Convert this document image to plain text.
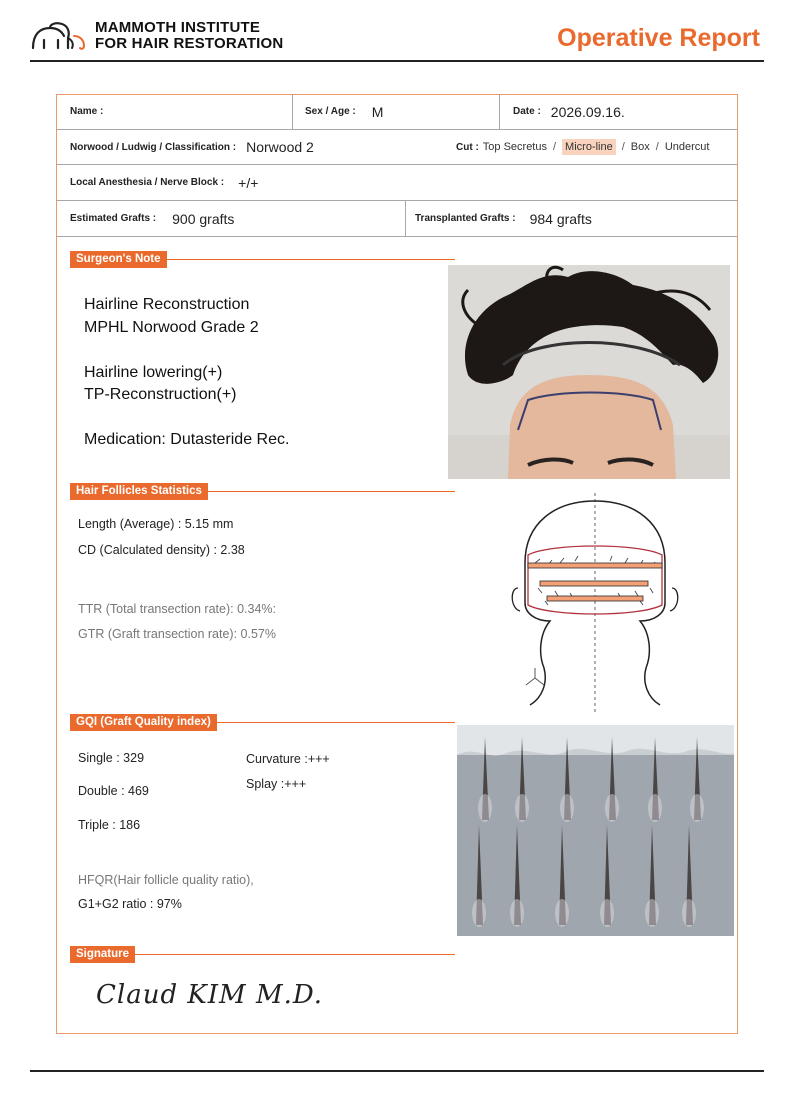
MAMMOTH INSTITUTE
FOR HAIR RESTORATION	Operative Report
Name :	Sex / Age : M	Date : 2026.09.16.
Norwood / Ludwig / Classification : Norwood 2	Cut : Top Secretus / Micro-line / Box / Undercut
Local Anesthesia / Nerve Block : +/+
Estimated Grafts : 900 grafts	Transplanted Grafts : 984 grafts
Surgeon's Note
Hairline Reconstruction
MPHL Norwood Grade 2
Hairline lowering(+)
TP-Reconstruction(+)
Medication: Dutasteride Rec.
Hair Follicles Statistics
Length (Average) : 5.15 mm
CD (Calculated density) : 2.38
TTR (Total transection rate): 0.34%:
GTR (Graft transection rate): 0.57%
GQI (Graft Quality index)
Single : 329
Double : 469
Triple : 186
Curvature :+++
Splay :+++
HFQR(Hair follicle quality ratio),
G1+G2 ratio : 97%
Signature
Claud KIM M.D.
